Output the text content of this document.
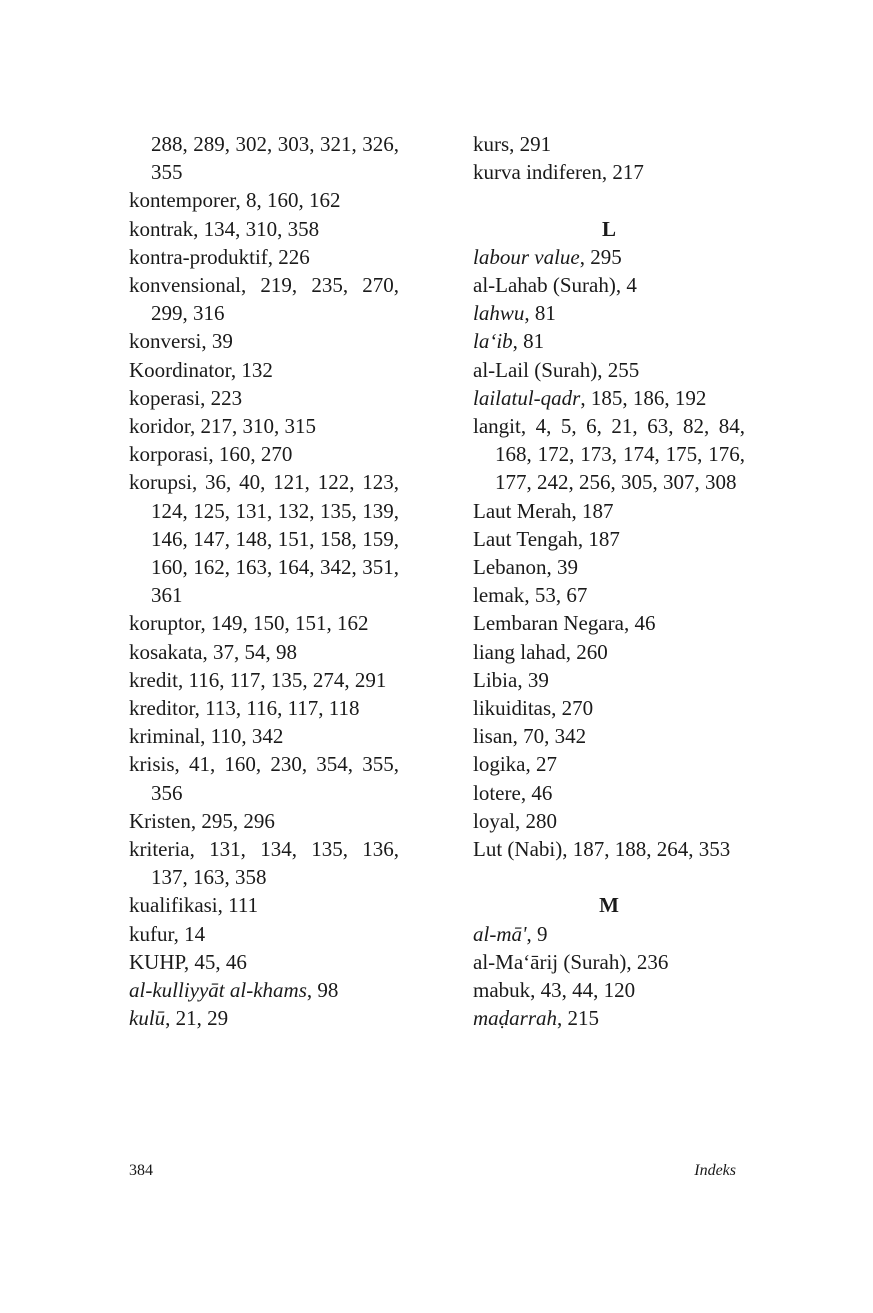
288, 289, 302, 303, 321, 326, 355
kontemporer, 8, 160, 162
kontrak, 134, 310, 358
kontra-produktif, 226
konvensional, 219, 235, 270, 299, 316
konversi, 39
Koordinator, 132
koperasi, 223
koridor, 217, 310, 315
korporasi, 160, 270
korupsi, 36, 40, 121, 122, 123, 124, 125, 131, 132, 135, 139, 146, 147, 148, 151, 158, 159, 160, 162, 163, 164, 342, 351, 361
koruptor, 149, 150, 151, 162
kosakata, 37, 54, 98
kredit, 116, 117, 135, 274, 291
kreditor, 113, 116, 117, 118
kriminal, 110, 342
krisis, 41, 160, 230, 354, 355, 356
Kristen, 295, 296
kriteria, 131, 134, 135, 136, 137, 163, 358
kualifikasi, 111
kufur, 14
KUHP, 45, 46
al-kulliyyāt al-khams, 98
kulū, 21, 29
kurs, 291
kurva indiferen, 217
L
labour value, 295
al-Lahab (Surah), 4
lahwu, 81
la‘ib, 81
al-Lail (Surah), 255
lailatul-qadr, 185, 186, 192
langit, 4, 5, 6, 21, 63, 82, 84, 168, 172, 173, 174, 175, 176, 177, 242, 256, 305, 307, 308
Laut Merah, 187
Laut Tengah, 187
Lebanon, 39
lemak, 53, 67
Lembaran Negara, 46
liang lahad, 260
Libia, 39
likuiditas, 270
lisan, 70, 342
logika, 27
lotere, 46
loyal, 280
Lut (Nabi), 187, 188, 264, 353
M
al-mā', 9
al-Ma‘ārij (Surah), 236
mabuk, 43, 44, 120
maḍarrah, 215
384	Indeks
